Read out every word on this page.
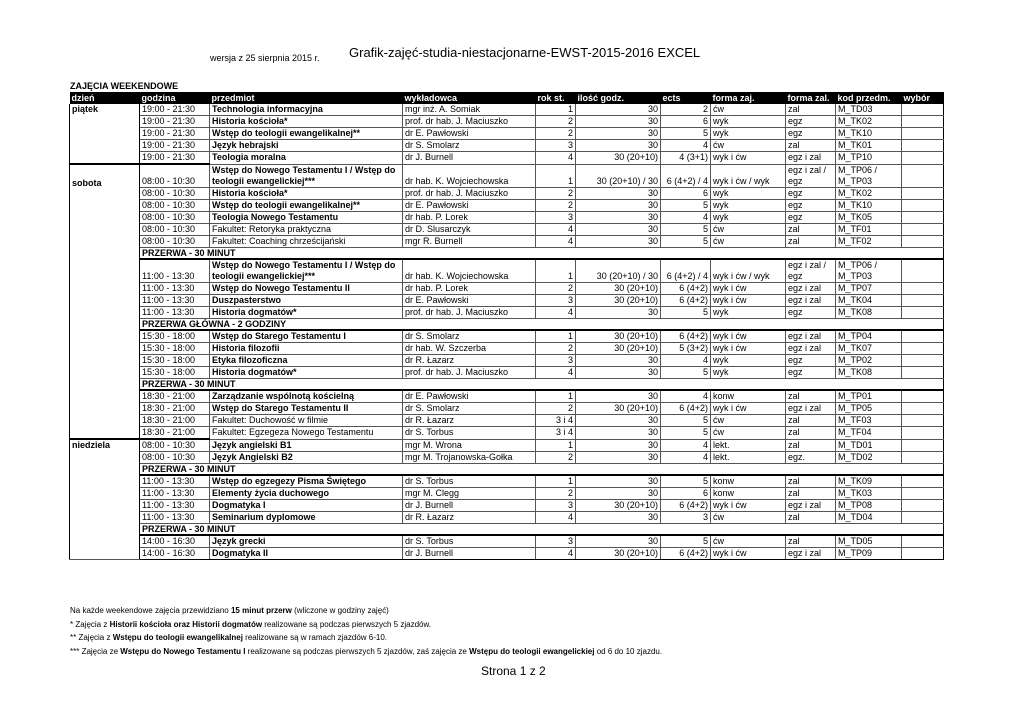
wersja z 25 sierpnia 2015 r. Grafik-zajęć-studia-niestacjonarne-EWST-2015-2016 EXCEL
ZAJĘCIA WEEKENDOWE
dzień	godzina	przedmiot	wykładowca	rok st.	ilość godz.	ects	forma zaj.	forma zal.	kod przedm.	wybór
piątek	19:00 - 21:30	Technologia informacyjna	mgr inż. A. Somiak	1	30	2	ćw	zal	M_TD03	
	19:00 - 21:30	Historia kościoła*	prof. dr hab. J. Maciuszko	2	30	6	wyk	egz	M_TK02	
	19:00 - 21:30	Wstęp do teologii ewangelikalnej**	dr E. Pawłowski	2	30	5	wyk	egz	M_TK10	
	19:00 - 21:30	Język hebrajski	dr S. Smolarz	3	30	4	ćw	zal	M_TK01	
	19:00 - 21:30	Teologia moralna	dr J. Burnell	4	30 (20+10)	4 (3+1)	wyk i ćw	egz i zal	M_TP10	
sobota	08:00 - 10:30	Wstęp do Nowego Testamentu I / Wstęp do teologii ewangelickiej***	dr hab. K. Wojciechowska	1	30 (20+10) / 30	6 (4+2) / 4	wyk i ćw / wyk	egz i zal / egz	M_TP06 / M_TP03	
	08:00 - 10:30	Historia kościoła*	prof. dr hab. J. Maciuszko	2	30	6	wyk	egz	M_TK02	
	08:00 - 10:30	Wstęp do teologii ewangelikalnej**	dr E. Pawłowski	2	30	5	wyk	egz	M_TK10	
	08:00 - 10:30	Teologia Nowego Testamentu	dr hab. P. Lorek	3	30	4	wyk	egz	M_TK05	
	08:00 - 10:30	Fakultet: Retoryka praktyczna	dr D. Slusarczyk	4	30	5	ćw	zal	M_TF01	
	08:00 - 10:30	Fakultet: Coaching chrześcijański	mgr R. Burnell	4	30	5	ćw	zal	M_TF02	
	PRZERWA - 30 MINUT									
	11:00 - 13:30	Wstęp do Nowego Testamentu I / Wstęp do teologii ewangelickiej***	dr hab. K. Wojciechowska	1	30 (20+10) / 30	6 (4+2) / 4	wyk i ćw / wyk	egz i zal / egz	M_TP06 / M_TP03	
	11:00 - 13:30	Wstęp do Nowego Testamentu II	dr hab. P. Lorek	2	30 (20+10)	6 (4+2)	wyk i ćw	egz i zal	M_TP07	
	11:00 - 13:30	Duszpasterstwo	dr E. Pawłowski	3	30 (20+10)	6 (4+2)	wyk i ćw	egz i zal	M_TK04	
	11:00 - 13:30	Historia dogmatów*	prof. dr hab. J. Maciuszko	4	30	5	wyk	egz	M_TK08	
	PRZERWA GŁÓWNA - 2 GODZINY									
	15:30 - 18:00	Wstęp do Starego Testamentu I	dr S. Smolarz	1	30 (20+10)	6 (4+2)	wyk i ćw	egz i zal	M_TP04	
	15:30 - 18:00	Historia filozofii	dr hab. W. Szczerba	2	30 (20+10)	5 (3+2)	wyk i ćw	egz i zal	M_TK07	
	15:30 - 18:00	Etyka filozoficzna	dr R. Łazarz	3	30	4	wyk	egz	M_TP02	
	15:30 - 18:00	Historia dogmatów*	prof. dr hab. J. Maciuszko	4	30	5	wyk	egz	M_TK08	
	PRZERWA - 30 MINUT									
	18:30 - 21:00	Zarządzanie wspólnotą kościelną	dr E. Pawłowski	1	30	4	konw	zal	M_TP01	
	18:30 - 21:00	Wstęp do Starego Testamentu II	dr S. Smolarz	2	30 (20+10)	6 (4+2)	wyk i ćw	egz i zal	M_TP05	
	18:30 - 21:00	Fakultet: Duchowość w filmie	dr R. Łazarz	3 i 4	30	5	ćw	zal	M_TF03	
	18:30 - 21:00	Fakultet: Egzegeza Nowego Testamentu	dr S. Torbus	3 i 4	30	5	ćw	zal	M_TF04	
niedziela	08:00 - 10:30	Język angielski B1	mgr M. Wrona	1	30	4	lekt.	zal	M_TD01	
	08:00 - 10:30	Język Angielski B2	mgr M. Trojanowska-Gołka	2	30	4	lekt.	egz.	M_TD02	
	PRZERWA - 30 MINUT									
	11:00 - 13:30	Wstęp do egzegezy Pisma Świętego	dr S. Torbus	1	30	5	konw	zal	M_TK09	
	11:00 - 13:30	Elementy życia duchowego	mgr M. Clegg	2	30	6	konw	zal	M_TK03	
	11:00 - 13:30	Dogmatyka I	dr J. Burnell	3	30 (20+10)	6 (4+2)	wyk i ćw	egz i zal	M_TP08	
	11:00 - 13:30	Seminarium dyplomowe	dr R. Łazarz	4	30	3	ćw	zal	M_TD04	
	PRZERWA - 30 MINUT									
	14:00 - 16:30	Język grecki	dr S. Torbus	3	30	5	ćw	zal	M_TD05	
	14:00 - 16:30	Dogmatyka II	dr J. Burnell	4	30 (20+10)	6 (4+2)	wyk i ćw	egz i zal	M_TP09	
Na każde weekendowe zajęcia przewidziano 15 minut przerw (wliczone w godziny zajęć)
* Zajęcia z Historii kościoła oraz Historii dogmatów realizowane są podczas pierwszych 5 zjazdów.
** Zajęcia z Wstępu do teologii ewangelikalnej realizowane są w ramach zjazdów 6-10.
*** Zajęcia ze Wstępu do Nowego Testamentu I realizowane są podczas pierwszych 5 zjazdów, zaś zajęcia ze Wstępu do teologii ewangelickiej od 6 do 10 zjazdu.
Strona 1 z 2
